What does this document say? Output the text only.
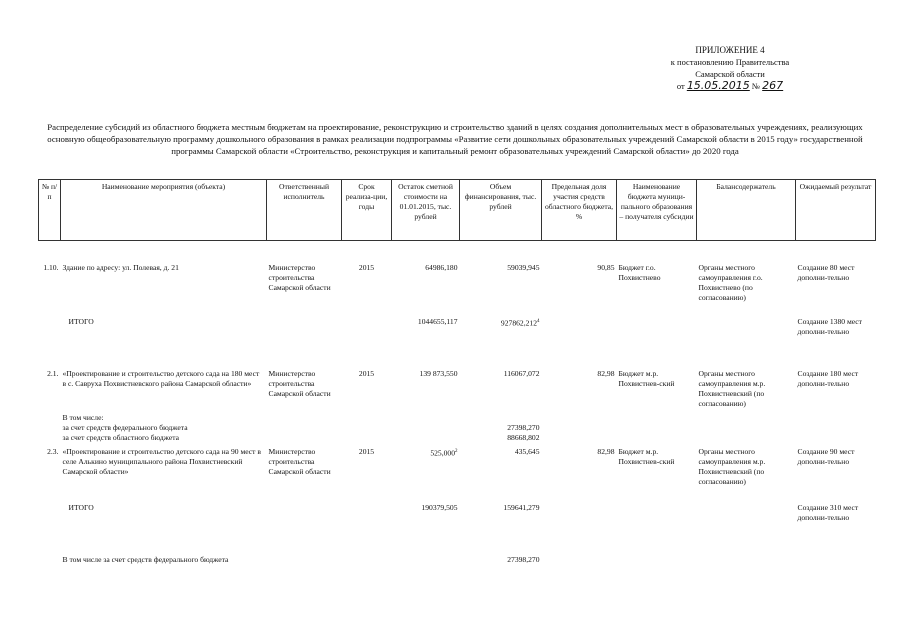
ПРИЛОЖЕНИЕ 4
к постановлению Правительства
Самарской области
от 15.05.2015 № 267
Распределение субсидий из областного бюджета местным бюджетам на проектирование, реконструкцию и строительство зданий в целях создания дополнительных мест в образовательных учреждениях, реализующих основную общеобразовательную программу дошкольного образования в рамках реализации подпрограммы «Развитие сети дошкольных образовательных учреждений Самарской области в 2015 году» государственной программы Самарской области «Строительство, реконструкция и капитальный ремонт образовательных учреждений Самарской области» до 2020 года
№ п/п	Наименование мероприятия (объекта)	Ответственный исполнитель	Срок реализа-ции, годы	Остаток сметной стоимости на 01.01.2015, тыс. рублей	Объем финансирования, тыс. рублей	Предельная доля участия средств областного бюджета, %	Наименование бюджета муници-пального образования – получателя субсидии	Балансодержатель	Ожидаемый результат

1.10.	Здание по адресу: ул. Полевая, д. 21	Министерство строительства Самарской области	2015	64986,180	59039,945	90,85	Бюджет г.о. Похвистнево	Органы местного самоуправления г.о. Похвистнево (по согласованию)	Создание 80 мест дополни-тельно
	ИТОГО			1044655,117	927862,212$^4$				Создание 1380 мест дополни-тельно
2.1.	«Проектирование и строительство детского сада на 180 мест в с. Савруха Похвистневского района Самарской области»	Министерство строительства Самарской области	2015	139 873,550	116067,072	82,98	Бюджет м.р. Похвистнев-ский	Органы местного самоуправления м.р. Похвистневский (по согласованию)	Создание 180 мест дополни-тельно
	В том числе:								
	за счет средств федерального бюджета				27398,270				
	за счет средств областного бюджета				88668,802				
2.3.	«Проектирование и строительство детского сада на 90 мест в селе Алькино муниципального района Похвистневский Самарской области»	Министерство строительства Самарской области	2015	525,000$^2$	435,645	82,98	Бюджет м.р. Похвистнев-ский	Органы местного самоуправления м.р. Похвистневский (по согласованию)	Создание 90 мест дополни-тельно
	ИТОГО			190379,505	159641,279				Создание 310 мест дополни-тельно
	В том числе за счет средств федерального бюджета				27398,270				
